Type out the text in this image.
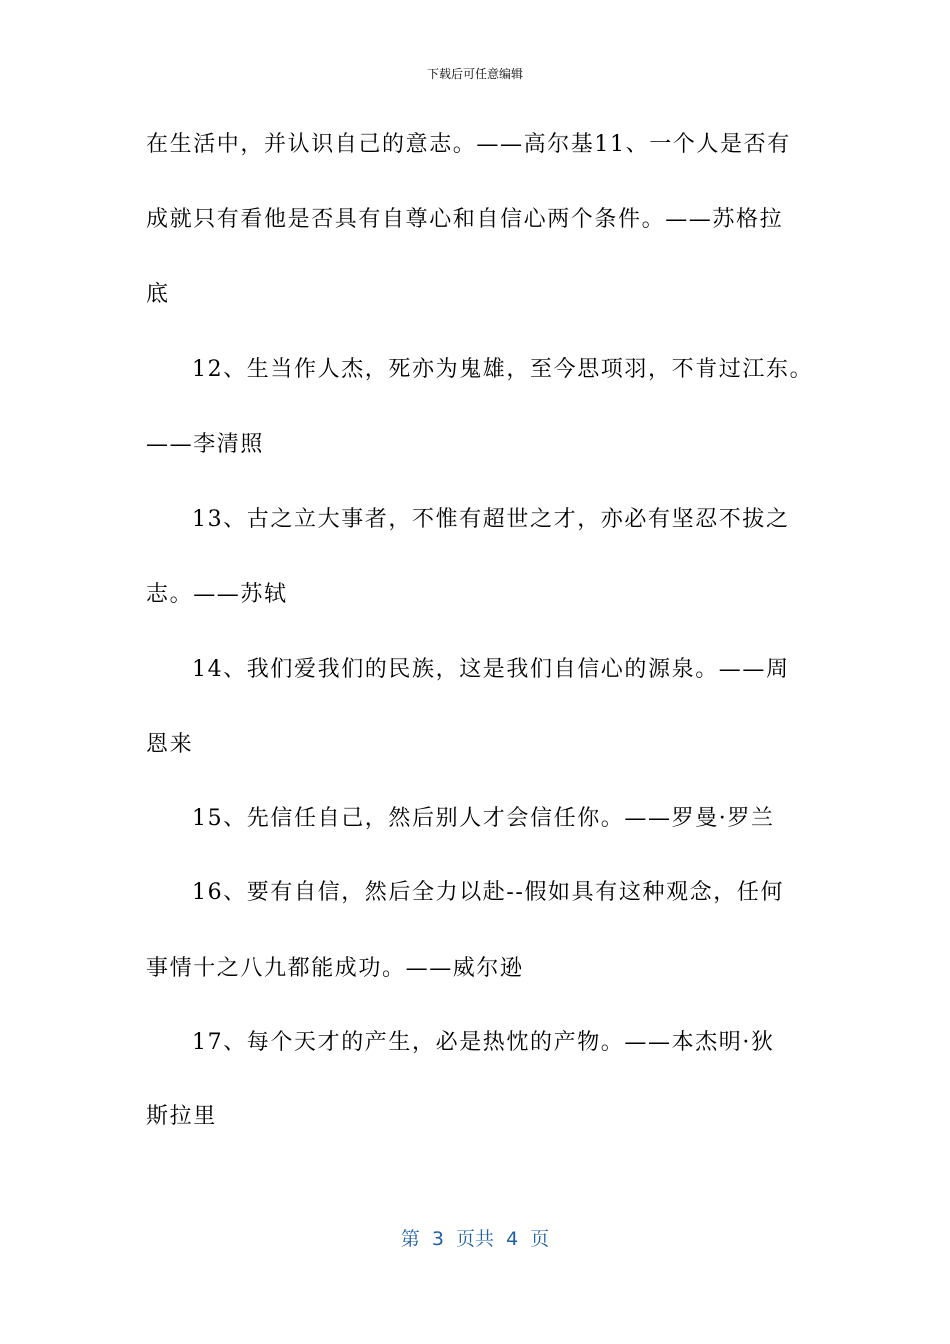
下载后可任意编辑
在生活中，并认识自己的意志。——高尔基11、一个人是否有
成就只有看他是否具有自尊心和自信心两个条件。——苏格拉
底
12、生当作人杰，死亦为鬼雄，至今思项羽，不肯过江东。
——李清照
13、古之立大事者，不惟有超世之才，亦必有坚忍不拔之
志。——苏轼
14、我们爱我们的民族，这是我们自信心的源泉。——周
恩来
15、先信任自己，然后别人才会信任你。——罗曼·罗兰
16、要有自信，然后全力以赴--假如具有这种观念，任何
事情十之八九都能成功。——威尔逊
17、每个天才的产生，必是热忱的产物。——本杰明·狄
斯拉里
第  3  页共  4  页
